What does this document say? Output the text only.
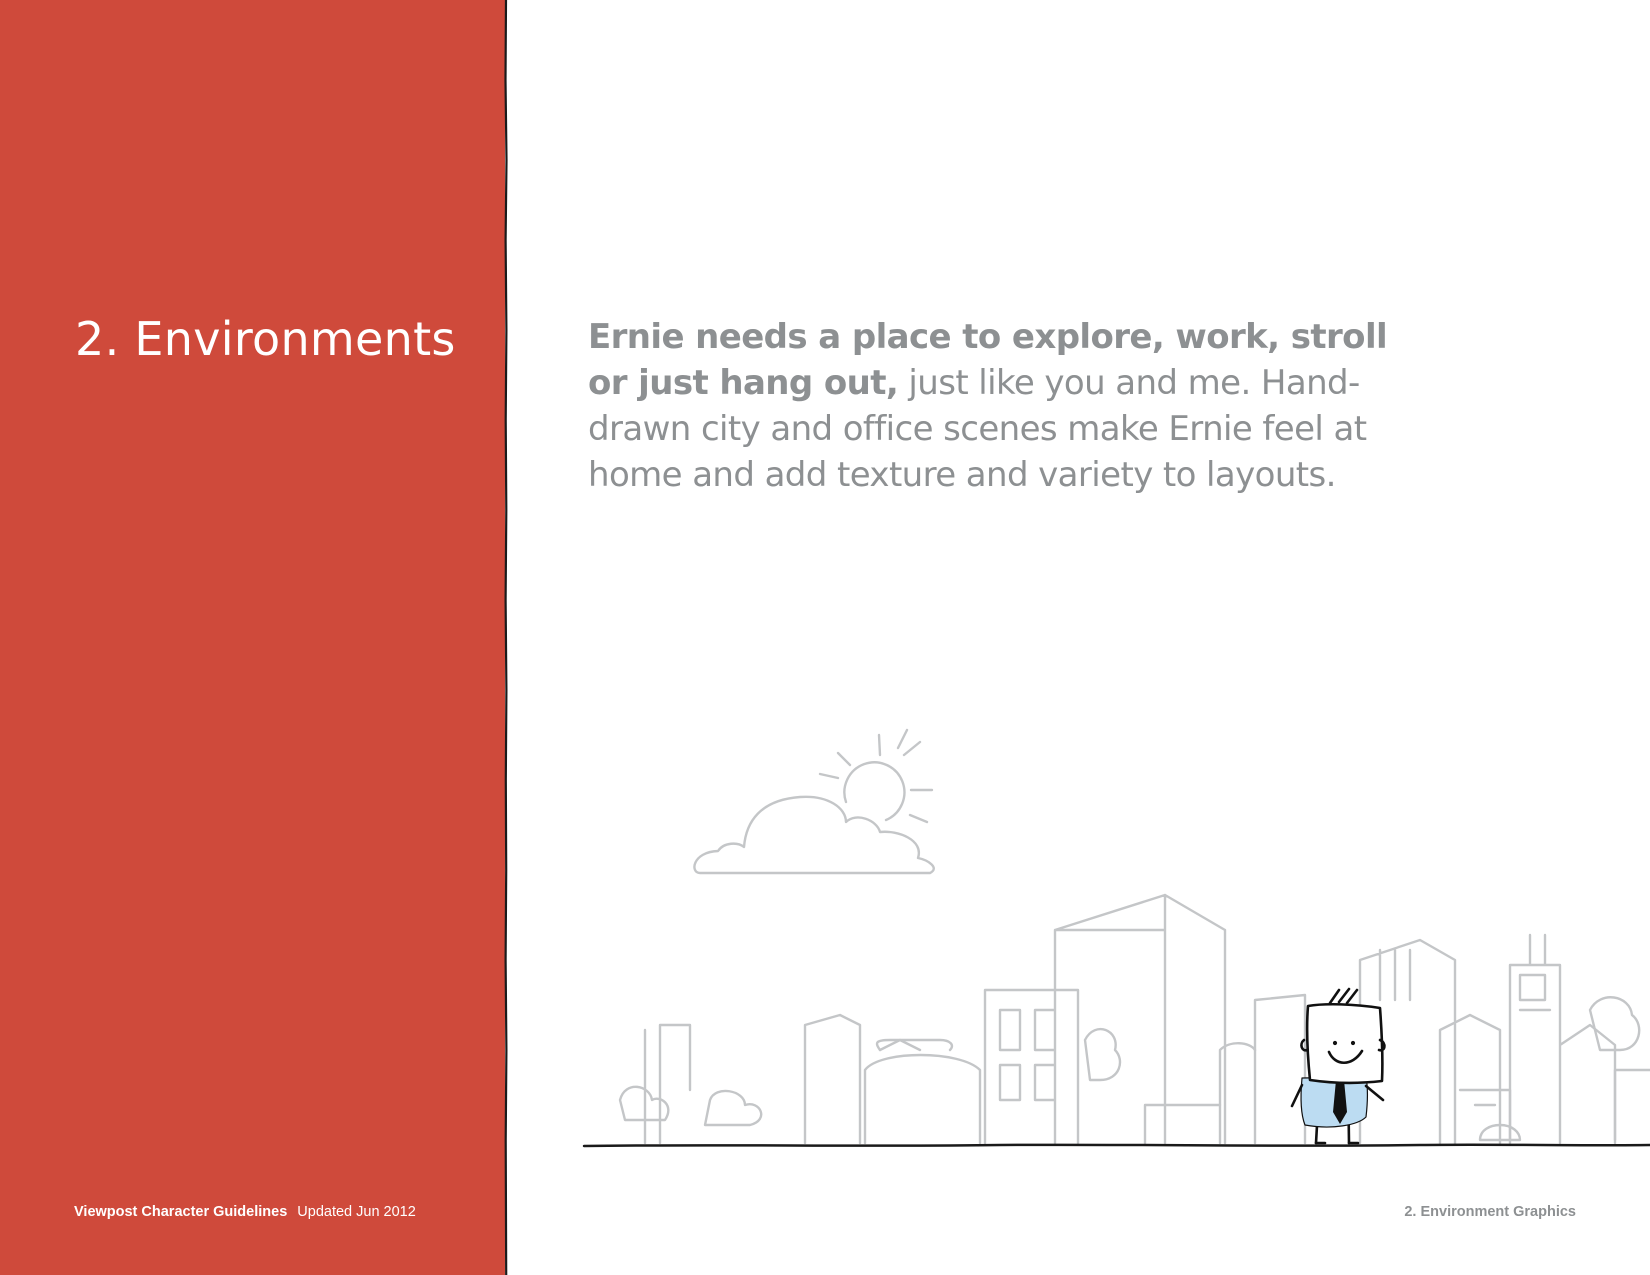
2. Environments
Viewpost Character Guidelines Updated Jun 2012

Ernie needs a place to explore, work, stroll or just hang out, just like you and me. Hand-drawn city and office scenes make Ernie feel at home and add texture and variety to layouts.

2. Environment Graphics
